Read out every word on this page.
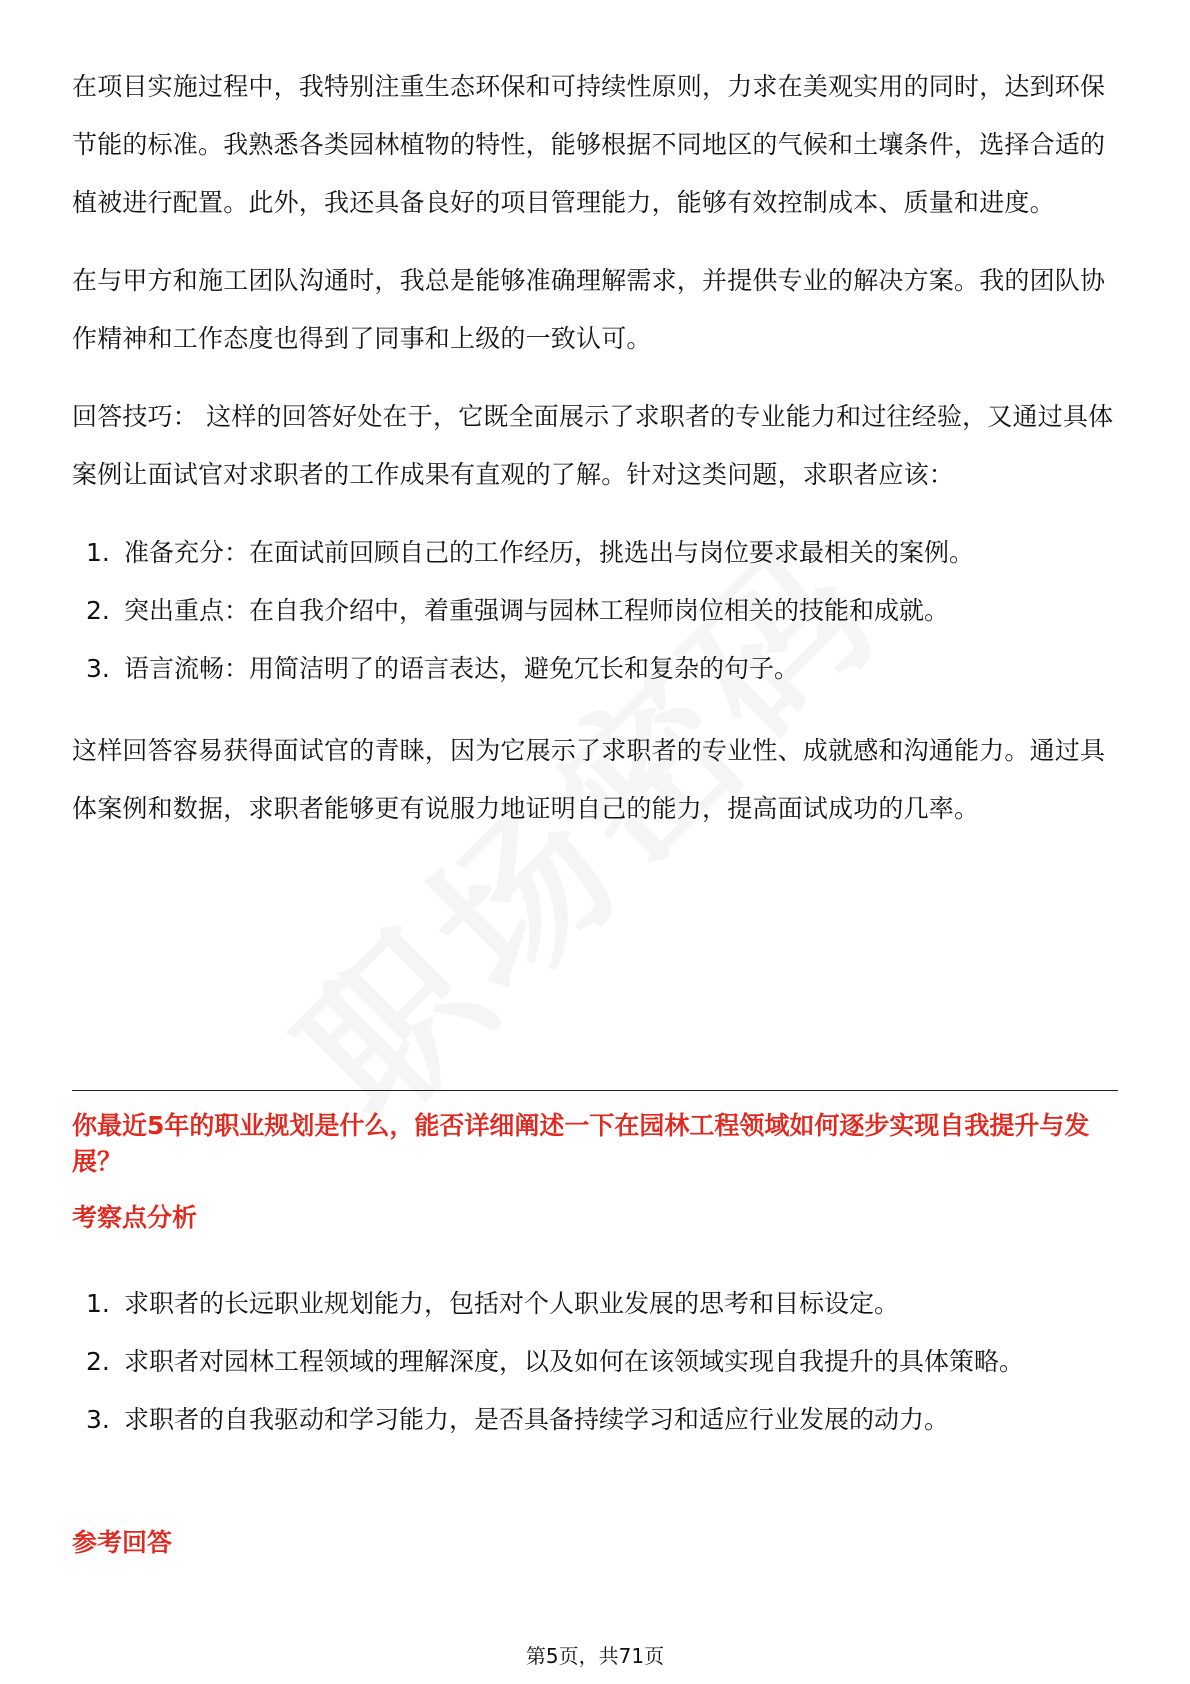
在项目实施过程中，我特别注重生态环保和可持续性原则，力求在美观实用的同时，达到环保节能的标准。我熟悉各类园林植物的特性，能够根据不同地区的气候和土壤条件，选择合适的植被进行配置。此外，我还具备良好的项目管理能力，能够有效控制成本、质量和进度。

在与甲方和施工团队沟通时，我总是能够准确理解需求，并提供专业的解决方案。我的团队协作精神和工作态度也得到了同事和上级的一致认可。

回答技巧： 这样的回答好处在于，它既全面展示了求职者的专业能力和过往经验，又通过具体案例让面试官对求职者的工作成果有直观的了解。针对这类问题，求职者应该：

1. 准备充分：在面试前回顾自己的工作经历，挑选出与岗位要求最相关的案例。
2. 突出重点：在自我介绍中，着重强调与园林工程师岗位相关的技能和成就。
3. 语言流畅：用简洁明了的语言表达，避免冗长和复杂的句子。

这样回答容易获得面试官的青睐，因为它展示了求职者的专业性、成就感和沟通能力。通过具体案例和数据，求职者能够更有说服力地证明自己的能力，提高面试成功的几率。

你最近5年的职业规划是什么，能否详细阐述一下在园林工程领域如何逐步实现自我提升与发展？
考察点分析
1. 求职者的长远职业规划能力，包括对个人职业发展的思考和目标设定。
2. 求职者对园林工程领域的理解深度，以及如何在该领域实现自我提升的具体策略。
3. 求职者的自我驱动和学习能力，是否具备持续学习和适应行业发展的动力。
参考回答
第5页，共71页
